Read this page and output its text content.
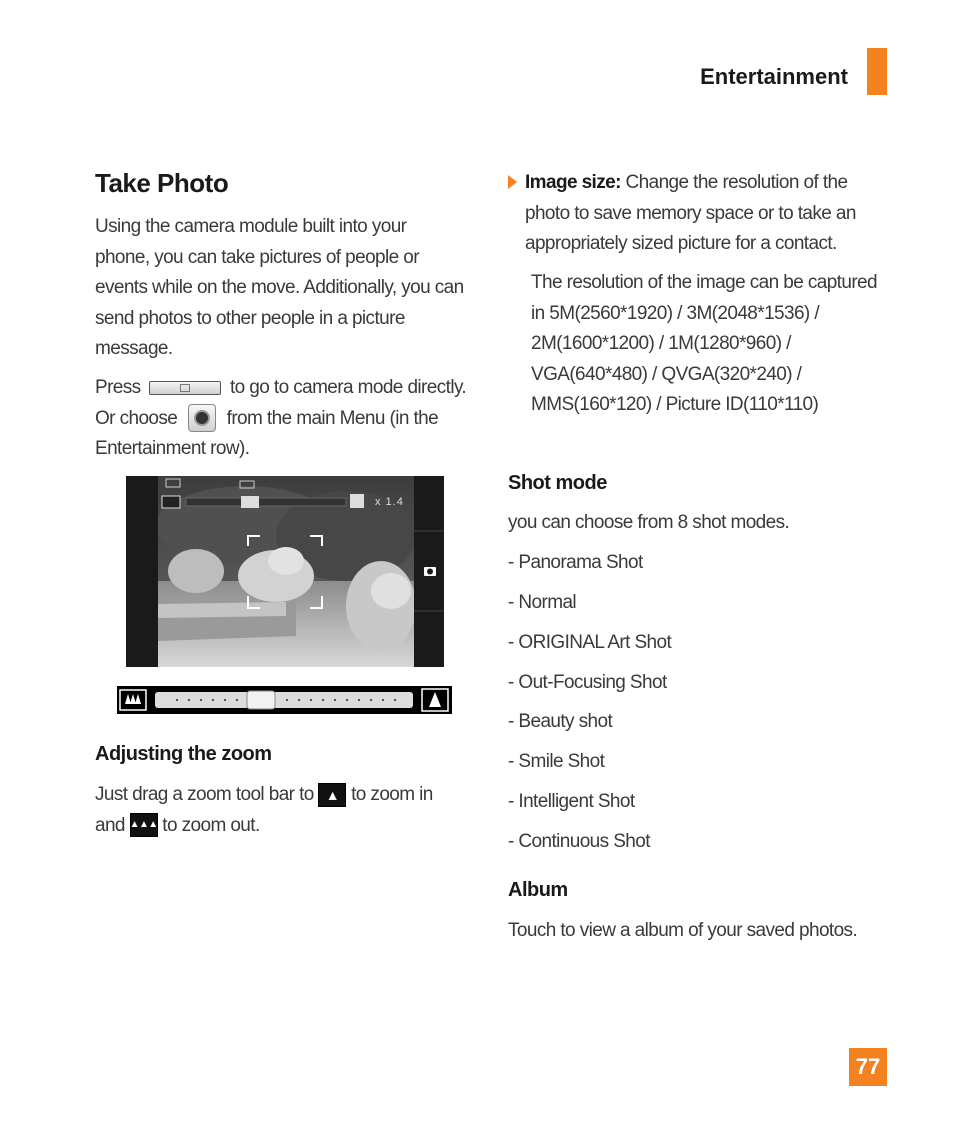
Entertainment
Take Photo
Using the camera module built into your phone, you can take pictures of people or events while on the move. Additionally, you can send photos to other people in a picture message.
Press	to go to camera mode directly.
Or choose	from the main Menu (in the Entertainment row).
x 1.4
Adjusting the zoom
Just drag a zoom tool bar to ▲ to zoom in
and ▲▲▲ to zoom out.
Image size: Change the resolution of the photo to save memory space or to take an appropriately sized picture for a contact.
The resolution of the image can be captured in 5M(2560*1920) / 3M(2048*1536) / 2M(1600*1200) / 1M(1280*960) / VGA(640*480) / QVGA(320*240) / MMS(160*120) / Picture ID(110*110)
Shot mode
you can choose from 8 shot modes.
- Panorama Shot
- Normal
- ORIGINAL Art Shot
- Out-Focusing Shot
- Beauty shot
- Smile Shot
- Intelligent Shot
- Continuous Shot
Album
Touch to view a album of your saved photos.
77
